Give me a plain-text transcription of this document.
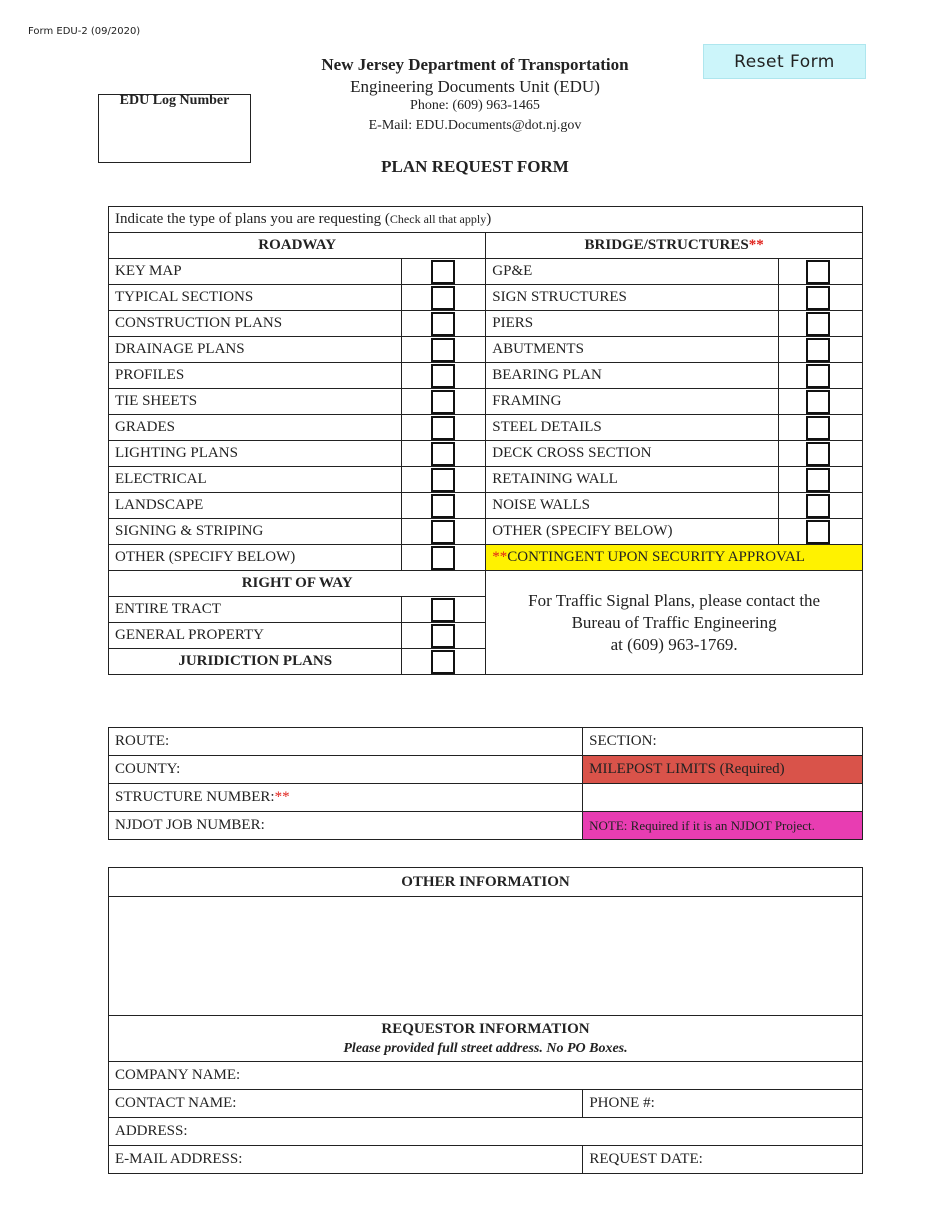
Form EDU-2 (09/2020)
Reset Form
EDU Log Number
New Jersey Department of Transportation
Engineering Documents Unit (EDU)
Phone: (609) 963-1465
E-Mail: EDU.Documents@dot.nj.gov
PLAN REQUEST FORM
Indicate the type of plans you are requesting (Check all that apply)			
ROADWAY		BRIDGE/STRUCTURES**	
KEY MAP		GP&E	

TYPICAL SECTIONS		SIGN STRUCTURES	

CONSTRUCTION PLANS		PIERS	

DRAINAGE PLANS		ABUTMENTS	

PROFILES		BEARING PLAN	

TIE SHEETS		FRAMING	

GRADES		STEEL DETAILS	

LIGHTING PLANS		DECK CROSS SECTION	

ELECTRICAL		RETAINING WALL	

LANDSCAPE		NOISE WALLS	

SIGNING & STRIPING		OTHER (SPECIFY BELOW)	

OTHER (SPECIFY BELOW)		**CONTINGENT UPON SECURITY APPROVAL	
RIGHT OF WAY		For Traffic Signal Plans, please contact the
Bureau of Traffic Engineering
at (609) 963-1769.	

ENTIRE TRACT			

GENERAL PROPERTY			

JURIDICTION PLANS			
ROUTE:	SECTION:
COUNTY:	MILEPOST LIMITS (Required)
STRUCTURE NUMBER:**	
NJDOT JOB NUMBER:	NOTE: Required if it is an NJDOT Project.
OTHER INFORMATION	

REQUESTOR INFORMATION
Please provided full street address. No PO Boxes.	

COMPANY NAME:	
CONTACT NAME:	PHONE #:
ADDRESS:	
E-MAIL ADDRESS:	REQUEST DATE:
